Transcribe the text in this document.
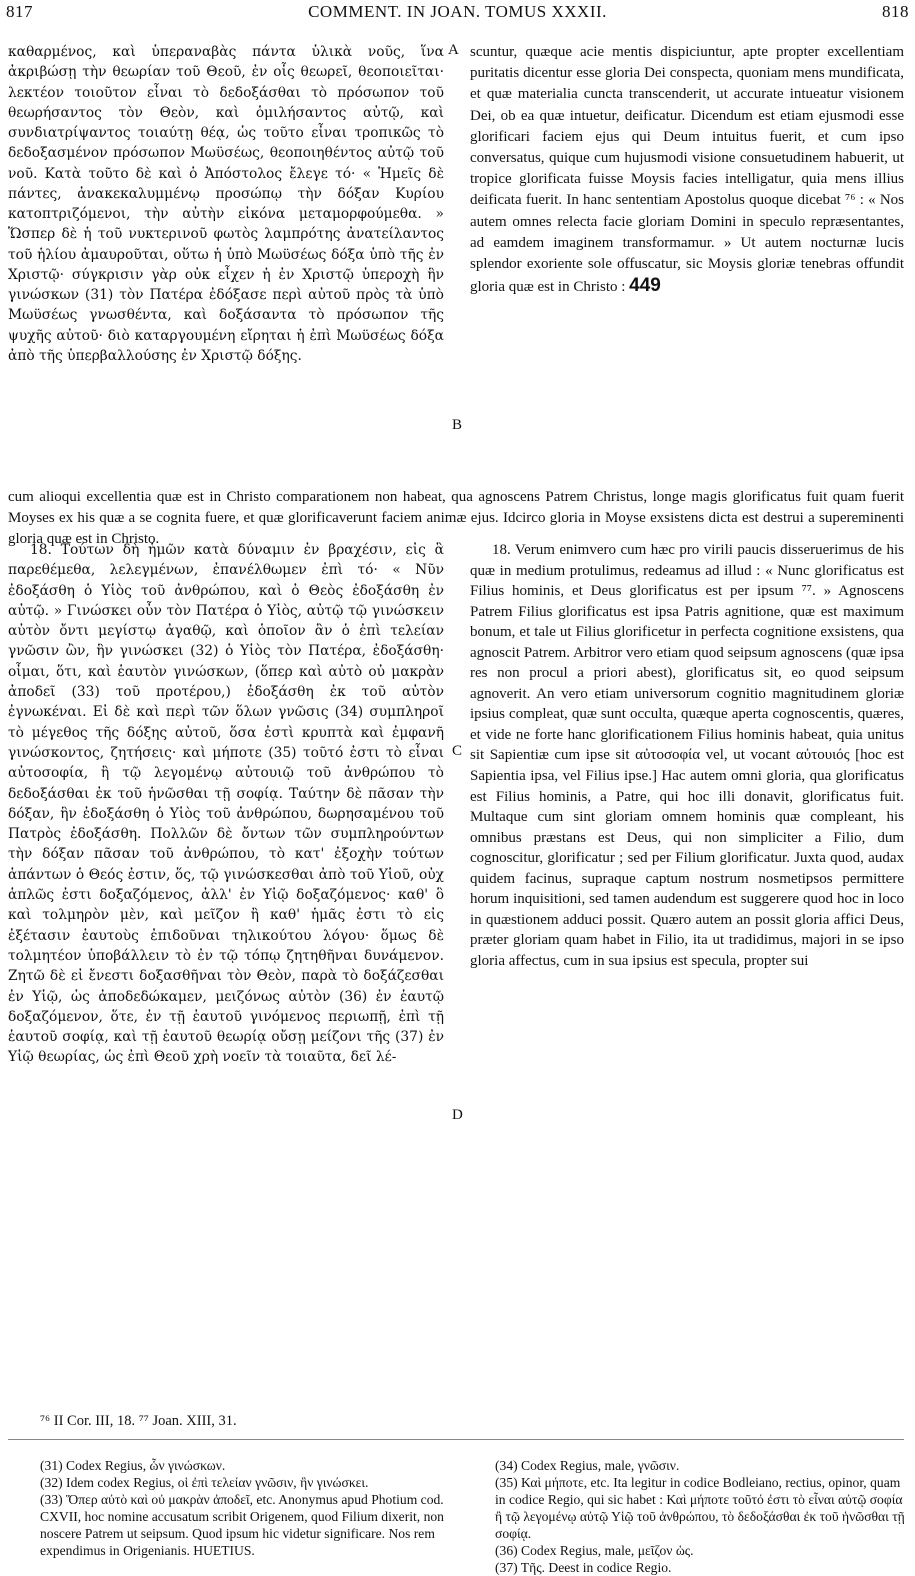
817	COMMENT. IN JOAN. TOMUS XXXII.	818

καθαρμένος, καὶ ὑπεραναβὰς πάντα ὑλικὰ νοῦς, ἵνα ἀκριβώσῃ τὴν θεωρίαν τοῦ Θεοῦ, ἐν οἷς θεωρεῖ, θεοποιεῖται· λεκτέον τοιοῦτον εἶναι τὸ δεδοξάσθαι τὸ πρόσωπον τοῦ θεωρήσαντος τὸν Θεὸν, καὶ ὁμιλήσαντος αὐτῷ, καὶ συνδιατρίψαντος τοιαύτῃ θέᾳ, ὡς τοῦτο εἶναι τροπικῶς τὸ δεδοξασμένον πρόσωπον Μωϋσέως, θεοποιηθέντος αὐτῷ τοῦ νοῦ. Κατὰ τοῦτο δὲ καὶ ὁ Ἀπόστολος ἔλεγε τό· « Ἡμεῖς δὲ πάντες, ἀνακεκαλυμμένῳ προσώπῳ τὴν δόξαν Κυρίου κατοπτριζόμενοι, τὴν αὐτὴν εἰκόνα μεταμορφούμεθα. » Ὥσπερ δὲ ἡ τοῦ νυκτερινοῦ φωτὸς λαμπρότης ἀνατείλαντος τοῦ ἡλίου ἀμαυροῦται, οὕτω ἡ ὑπὸ Μωϋσέως δόξα ὑπὸ τῆς ἐν Χριστῷ· σύγκρισιν γὰρ οὐκ εἶχεν ἡ ἐν Χριστῷ ὑπεροχὴ ἣν γινώσκων (31) τὸν Πατέρα ἐδόξασε περὶ αὐτοῦ πρὸς τὰ ὑπὸ Μωϋσέως γνωσθέντα, καὶ δοξάσαντα τὸ πρόσωπον τῆς ψυχῆς αὐτοῦ· διὸ καταργουμένη εἴρηται ἡ ἐπὶ Μωϋσέως δόξα ἀπὸ τῆς ὑπερβαλλούσης ἐν Χριστῷ δόξης.

scuntur, quæque acie mentis dispiciuntur, apte propter excellentiam puritatis dicentur esse gloria Dei conspecta, quoniam mens mundificata, et quæ materialia cuncta transcenderit, ut accurate intueatur visionem Dei, ob ea quæ intuetur, deificatur. Dicendum est etiam ejusmodi esse glorificari faciem ejus qui Deum intuitus fuerit, et cum ipso conversatus, quique cum hujusmodi visione consuetudinem habuerit, ut tropice glorificata fuisse Moysis facies intelligatur, quia mens illius deificata fuerit. In hanc sententiam Apostolus quoque dicebat ⁷⁶ : « Nos autem omnes relecta facie gloriam Domini in speculo repræsentantes, ad eamdem imaginem transformamur. » Ut autem nocturnæ lucis splendor exoriente sole offuscatur, sic Moysis gloriæ tenebras offundit gloria quæ est in Christo : 449

cum alioqui excellentia quæ est in Christo comparationem non habeat, qua agnoscens Patrem Christus, longe magis glorificatus fuit quam fuerit Moyses ex his quæ a se cognita fuere, et quæ glorificaverunt faciem animæ ejus. Idcirco gloria in Moyse exsistens dicta est destrui a supereminenti gloria quæ est in Christo.

A
B
C
D

18. Τούτων δὴ ἡμῶν κατὰ δύναμιν ἐν βραχέσιν, εἰς ἃ παρεθέμεθα, λελεγμένων, ἐπανέλθωμεν ἐπὶ τό· « Νῦν ἐδοξάσθη ὁ Υἱὸς τοῦ ἀνθρώπου, καὶ ὁ Θεὸς ἐδοξάσθη ἐν αὐτῷ. » Γινώσκει οὖν τὸν Πατέρα ὁ Υἱὸς, αὐτῷ τῷ γινώσκειν αὐτὸν ὄντι μεγίστῳ ἀγαθῷ, καὶ ὁποῖον ἂν ὁ ἐπὶ τελείαν γνῶσιν ὢν, ἣν γινώσκει (32) ὁ Υἱὸς τὸν Πατέρα, ἐδοξάσθη· οἶμαι, ὅτι, καὶ ἑαυτὸν γινώσκων, (ὅπερ καὶ αὐτὸ οὐ μακρὰν ἀποδεῖ (33) τοῦ προτέρου,) ἐδοξάσθη ἐκ τοῦ αὐτὸν ἐγνωκέναι. Εἰ δὲ καὶ περὶ τῶν ὅλων γνῶσις (34) συμπληροῖ τὸ μέγεθος τῆς δόξης αὐτοῦ, ὅσα ἐστὶ κρυπτὰ καὶ ἐμφανῆ γινώσκοντος, ζητήσεις· καὶ μήποτε (35) τοῦτό ἐστι τὸ εἶναι αὐτοσοφία, ἢ τῷ λεγομένῳ αὐτουιῷ τοῦ ἀνθρώπου τὸ δεδοξάσθαι ἐκ τοῦ ἡνῶσθαι τῇ σοφίᾳ. Ταύτην δὲ πᾶσαν τὴν δόξαν, ἣν ἐδοξάσθη ὁ Υἱὸς τοῦ ἀνθρώπου, δωρησαμένου τοῦ Πατρὸς ἐδοξάσθη. Πολλῶν δὲ ὄντων τῶν συμπληρούντων τὴν δόξαν πᾶσαν τοῦ ἀνθρώπου, τὸ κατ' ἐξοχὴν τούτων ἁπάντων ὁ Θεός ἐστιν, ὅς, τῷ γινώσκεσθαι ἀπὸ τοῦ Υἱοῦ, οὐχ ἁπλῶς ἐστι δοξαζόμενος, ἀλλ' ἐν Υἱῷ δοξαζόμενος· καθ' ὃ καὶ τολμηρὸν μὲν, καὶ μεῖζον ἢ καθ' ἡμᾶς ἐστι τὸ εἰς ἐξέτασιν ἑαυτοὺς ἐπιδοῦναι τηλικούτου λόγου· ὅμως δὲ τολμητέον ὑποβάλλειν τὸ ἐν τῷ τόπῳ ζητηθῆναι δυνάμενον. Ζητῶ δὲ εἰ ἔνεστι δοξασθῆναι τὸν Θεὸν, παρὰ τὸ δοξάζεσθαι ἐν Υἱῷ, ὡς ἀποδεδώκαμεν, μειζόνως αὐτὸν (36) ἐν ἑαυτῷ δοξαζόμενον, ὅτε, ἐν τῇ ἑαυτοῦ γινόμενος περιωπῇ, ἐπὶ τῇ ἑαυτοῦ σοφίᾳ, καὶ τῇ ἑαυτοῦ θεωρίᾳ οὔσῃ μείζονι τῆς (37) ἐν Υἱῷ θεωρίας, ὡς ἐπὶ Θεοῦ χρὴ νοεῖν τὰ τοιαῦτα, δεῖ λέ-

18. Verum enimvero cum hæc pro virili paucis disseruerimus de his quæ in medium protulimus, redeamus ad illud : « Nunc glorificatus est Filius hominis, et Deus glorificatus est per ipsum ⁷⁷. » Agnoscens Patrem Filius glorificatus est ipsa Patris agnitione, quæ est maximum bonum, et tale ut Filius glorificetur in perfecta cognitione exsistens, qua agnoscit Patrem. Arbitror vero etiam quod seipsum agnoscens (quæ ipsa res non procul a priori abest), glorificatus sit, eo quod seipsum agnoverit. An vero etiam universorum cognitio magnitudinem gloriæ ipsius compleat, quæ sunt occulta, quæque aperta cognoscentis, quæres, et vide ne forte hanc glorificationem Filius hominis habeat, quia unitus sit Sapientiæ cum ipse sit αὐτοσοφία vel, ut vocant αὐτουιός [hoc est Sapientia ipsa, vel Filius ipse.] Hac autem omni gloria, qua glorificatus est Filius hominis, a Patre, qui hoc illi donavit, glorificatus fuit. Multaque cum sint gloriam omnem hominis quæ compleant, his omnibus præstans est Deus, qui non simpliciter a Filio, dum cognoscitur, glorificatur ; sed per Filium glorificatur. Juxta quod, audax quidem facinus, supraque captum nostrum nosmetipsos permittere horum inquisitioni, sed tamen audendum est suggerere quod hoc in loco in quæstionem adduci possit. Quæro autem an possit gloria affici Deus, præter gloriam quam habet in Filio, ita ut tradidimus, majori in se ipso gloria affectus, cum in sua ipsius est specula, propter sui

⁷⁶ II Cor. III, 18. ⁷⁷ Joan. XIII, 31.

(31) Codex Regius, ὧν γινώσκων.

(32) Idem codex Regius, οἱ ἐπὶ τελείαν γνῶσιν, ἣν γινώσκει.

(33) Ὅπερ αὐτὸ καὶ οὐ μακρὰν ἀποδεῖ, etc. Anonymus apud Photium cod. CXVII, hoc nomine accusatum scribit Origenem, quod Filium dixerit, non noscere Patrem ut seipsum. Quod ipsum hic videtur significare. Nos rem expendimus in Origenianis. HUETIUS.

(34) Codex Regius, male, γνῶσιν.

(35) Καὶ μήποτε, etc. Ita legitur in codice Bodleiano, rectius, opinor, quam in codice Regio, qui sic habet : Καὶ μήποτε τοῦτό ἐστι τὸ εἶναι αὐτῷ σοφία ἢ τῷ λεγομένῳ αὐτῷ Υἱῷ τοῦ ἀνθρώπου, τὸ δεδοξάσθαι ἐκ τοῦ ἡνῶσθαι τῇ σοφίᾳ.

(36) Codex Regius, male, μεῖζον ὡς.

(37) Τῆς. Deest in codice Regio.
